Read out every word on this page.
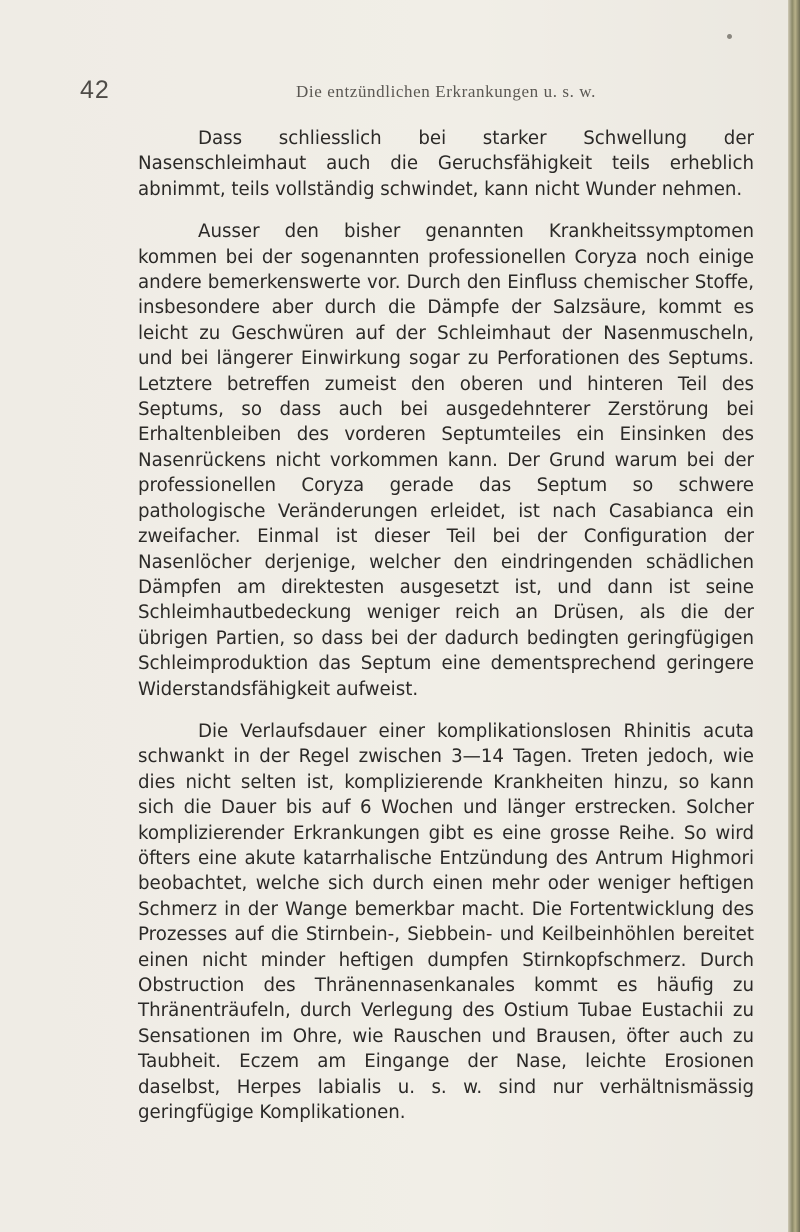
42	Die entzündlichen Erkrankungen u. s. w.

Dass schliesslich bei starker Schwellung der Nasenschleimhaut auch die Geruchsfähigkeit teils erheblich abnimmt, teils vollständig schwindet, kann nicht Wunder nehmen.

Ausser den bisher genannten Krankheitssymptomen kommen bei der sogenannten professionellen Coryza noch einige andere bemerkenswerte vor. Durch den Einfluss chemischer Stoffe, insbesondere aber durch die Dämpfe der Salzsäure, kommt es leicht zu Geschwüren auf der Schleimhaut der Nasenmuscheln, und bei längerer Einwirkung sogar zu Perforationen des Septums. Letztere betreffen zumeist den oberen und hinteren Teil des Septums, so dass auch bei ausgedehnterer Zerstörung bei Erhaltenbleiben des vorderen Septumteiles ein Einsinken des Nasenrückens nicht vorkommen kann. Der Grund warum bei der professionellen Coryza gerade das Septum so schwere pathologische Veränderungen erleidet, ist nach Casabianca ein zweifacher. Einmal ist dieser Teil bei der Configuration der Nasenlöcher derjenige, welcher den eindringenden schädlichen Dämpfen am direktesten ausgesetzt ist, und dann ist seine Schleimhautbedeckung weniger reich an Drüsen, als die der übrigen Partien, so dass bei der dadurch bedingten geringfügigen Schleimproduktion das Septum eine dementsprechend geringere Widerstandsfähigkeit aufweist.

Die Verlaufsdauer einer komplikationslosen Rhinitis acuta schwankt in der Regel zwischen 3—14 Tagen. Treten jedoch, wie dies nicht selten ist, komplizierende Krankheiten hinzu, so kann sich die Dauer bis auf 6 Wochen und länger erstrecken. Solcher komplizierender Erkrankungen gibt es eine grosse Reihe. So wird öfters eine akute katarrhalische Entzündung des Antrum Highmori beobachtet, welche sich durch einen mehr oder weniger heftigen Schmerz in der Wange bemerkbar macht. Die Fortentwicklung des Prozesses auf die Stirnbein-, Siebbein- und Keilbeinhöhlen bereitet einen nicht minder heftigen dumpfen Stirnkopfschmerz. Durch Obstruction des Thränennasenkanales kommt es häufig zu Thränenträufeln, durch Verlegung des Ostium Tubae Eustachii zu Sensationen im Ohre, wie Rauschen und Brausen, öfter auch zu Taubheit. Eczem am Eingange der Nase, leichte Erosionen daselbst, Herpes labialis u. s. w. sind nur verhältnismässig geringfügige Komplikationen.
